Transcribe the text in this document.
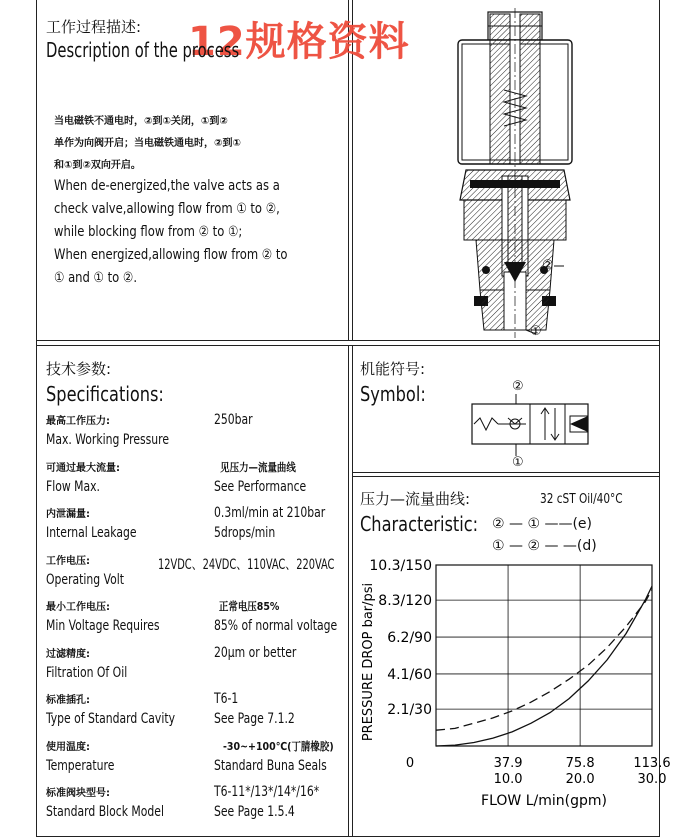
12规格资料
工作过程描述:
Description of the process
当电磁铁不通电时，②到①关闭，①到②
单作为向阀开启；当电磁铁通电时，②到①
和①到②双向开启。
When de-energized,the valve acts as a
check valve,allowing flow from ① to ②,
while blocking flow from ② to ①;
When energized,allowing flow from ② to
① and ① to ②.
②
①
技术参数:
Specifications:
最高工作压力:
Max. Working Pressure
250bar
可通过最大流量:
Flow Max.
见压力—流量曲线
See Performance
内泄漏量:
Internal Leakage
0.3ml/min at 210bar
5drops/min
工作电压:
Operating Volt
12VDC、24VDC、110VAC、220VAC
最小工作电压:
Min Voltage Requires
正常电压85%
85% of normal voltage
过滤精度:
Filtration Of Oil
20μm or better
标准插孔:
Type of Standard Cavity
T6-1
See Page 7.1.2
使用温度:
Temperature
-30~+100℃(丁腈橡胶)
Standard Buna Seals
标准阀块型号:
Standard Block Model
T6-11*/13*/14*/16*
See Page 1.5.4
机能符号:
Symbol:	②
①
压力—流量曲线:	32 cST Oil/40°C
Characteristic: ② — ① ——(e)
① — ② — —(d)
0	37.9
10.0
75.8
20.0
113.6
30.0
2.1/30
4.1/60
6.2/90
8.3/120
10.3/150
FLOW L/min(gpm)
PRESSURE DROP bar/psi
